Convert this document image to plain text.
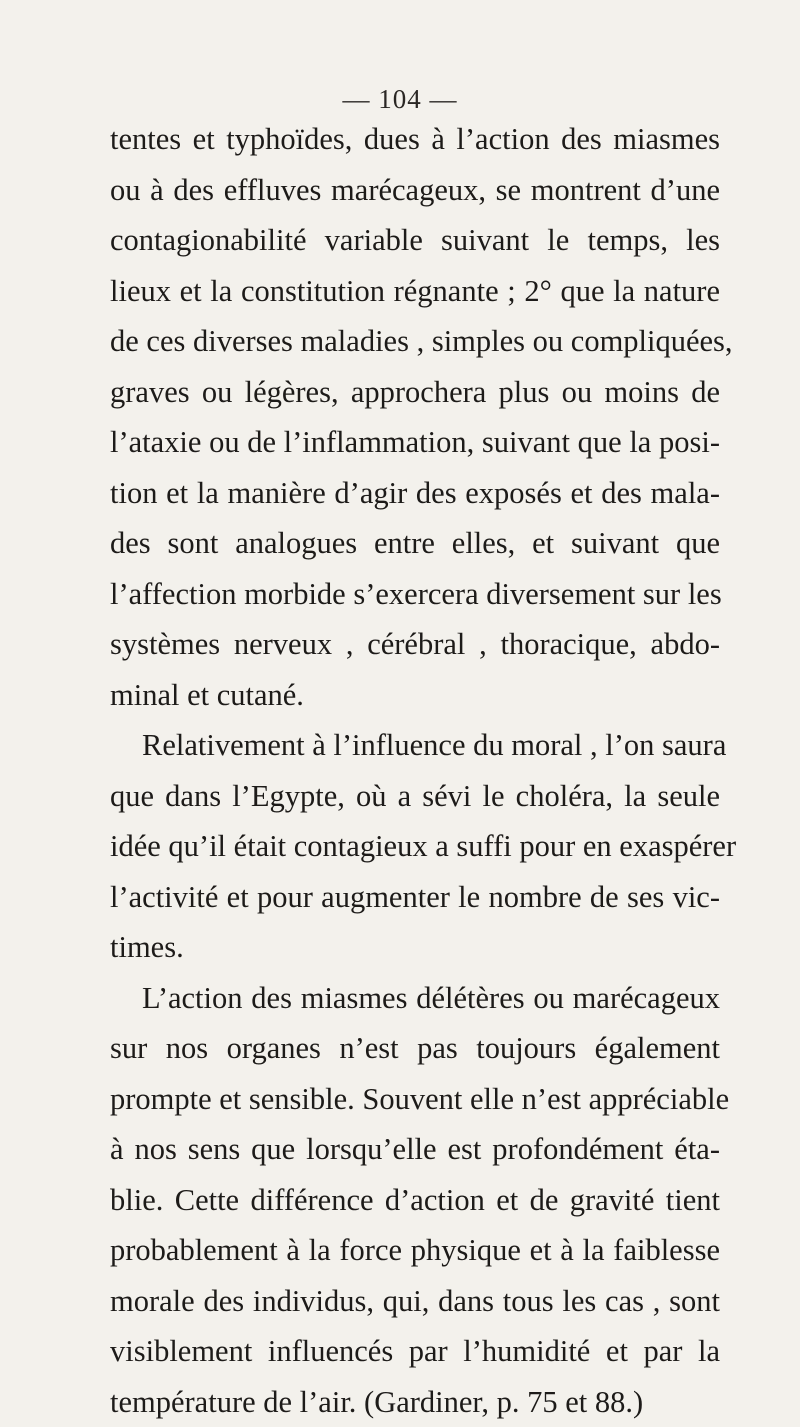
— 104 —
tentes et typhoïdes, dues à l’action des miasmes
ou à des effluves marécageux, se montrent d’une
contagionabilité variable suivant le temps, les
lieux et la constitution régnante ; 2° que la nature
de ces diverses maladies , simples ou compliquées,
graves ou légères, approchera plus ou moins de
l’ataxie ou de l’inflammation, suivant que la posi-
tion et la manière d’agir des exposés et des mala-
des sont analogues entre elles, et suivant que
l’affection morbide s’exercera diversement sur les
systèmes nerveux , cérébral , thoracique, abdo-
minal et cutané.
Relativement à l’influence du moral , l’on saura
que dans l’Egypte, où a sévi le choléra, la seule
idée qu’il était contagieux a suffi pour en exaspérer
l’activité et pour augmenter le nombre de ses vic-
times.
L’action des miasmes délétères ou marécageux
sur nos organes n’est pas toujours également
prompte et sensible. Souvent elle n’est appréciable
à nos sens que lorsqu’elle est profondément éta-
blie. Cette différence d’action et de gravité tient
probablement à la force physique et à la faiblesse
morale des individus, qui, dans tous les cas , sont
visiblement influencés par l’humidité et par la
température de l’air. (Gardiner, p. 75 et 88.)
